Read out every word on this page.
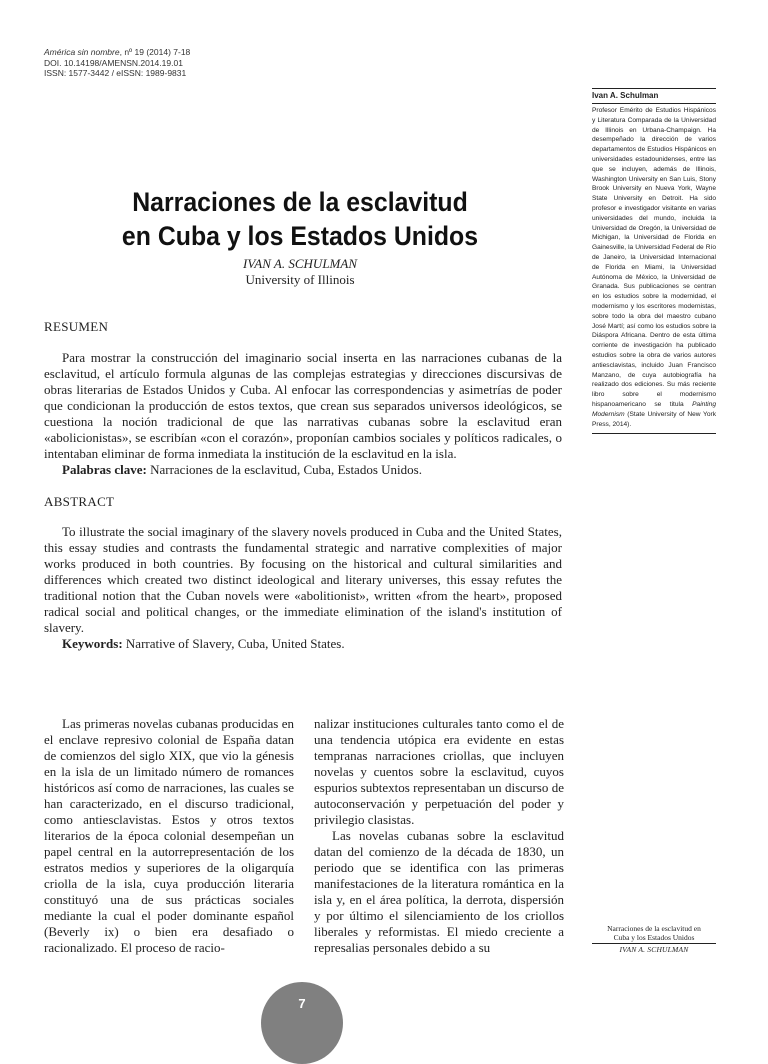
América sin nombre, nº 19 (2014) 7-18
DOI. 10.14198/AMENSN.2014.19.01
ISSN: 1577-3442 / eISSN: 1989-9831
Narraciones de la esclavitud
en Cuba y los Estados Unidos
IVAN A. SCHULMAN
University of Illinois
RESUMEN

Para mostrar la construcción del imaginario social inserta en las narraciones cubanas de la esclavitud, el artículo formula algunas de las complejas estrategias y direcciones discursivas de obras literarias de Estados Unidos y Cuba. Al enfocar las correspondencias y asimetrías de poder que condicionan la producción de estos textos, que crean sus separados universos ideológicos, se cuestiona la noción tradicional de que las narrativas cubanas sobre la esclavitud eran «abolicionistas», se escribían «con el corazón», proponían cambios sociales y políticos radicales, o intentaban eliminar de forma inmediata la institución de la esclavitud en la isla.

Palabras clave: Narraciones de la esclavitud, Cuba, Estados Unidos.

ABSTRACT

To illustrate the social imaginary of the slavery novels produced in Cuba and the United States, this essay studies and contrasts the fundamental strategic and narrative complexities of major works produced in both countries. By focusing on the historical and cultural similarities and differences which created two distinct ideological and literary universes, this essay refutes the traditional notion that the Cuban novels were «abolitionist», written «from the heart», proposed radical social and political changes, or the immediate elimination of the island's institution of slavery.

Keywords: Narrative of Slavery, Cuba, United States.

Las primeras novelas cubanas producidas en el enclave represivo colonial de España datan de comienzos del siglo XIX, que vio la génesis en la isla de un limitado número de romances históricos así como de narraciones, las cuales se han caracterizado, en el discurso tradicional, como antiesclavistas. Estos y otros textos literarios de la época colonial desempeñan un papel central en la autorrepresentación de los estratos medios y superiores de la oligarquía criolla de la isla, cuya producción literaria constituyó una de sus prácticas sociales mediante la cual el poder dominante español (Beverly ix) o bien era desafiado o racionalizado. El proceso de racio-

nalizar instituciones culturales tanto como el de una tendencia utópica era evidente en estas tempranas narraciones criollas, que incluyen novelas y cuentos sobre la esclavitud, cuyos espurios subtextos representaban un discurso de autoconservación y perpetuación del poder y privilegio clasistas.

Las novelas cubanas sobre la esclavitud datan del comienzo de la década de 1830, un periodo que se identifica con las primeras manifestaciones de la literatura romántica en la isla y, en el área política, la derrota, dispersión y por último el silenciamiento de los criollos liberales y reformistas. El miedo creciente a represalias personales debido a su

Ivan A. Schulman
Profesor Emérito de Estudios Hispánicos y Literatura Comparada de la Universidad de Illinois en Urbana-Champaign. Ha desempeñado la dirección de varios departamentos de Estudios Hispánicos en universidades estadounidenses, entre las que se incluyen, además de Illinois, Washington University en San Luis, Stony Brook University en Nueva York, Wayne State University en Detroit. Ha sido profesor e investigador visitante en varias universidades del mundo, incluida la Universidad de Oregón, la Universidad de Michigan, la Universidad de Florida en Gainesville, la Universidad Federal de Río de Janeiro, la Universidad Internacional de Florida en Miami, la Universidad Autónoma de México, la Universidad de Granada. Sus publicaciones se centran en los estudios sobre la modernidad, el modernismo y los escritores modernistas, sobre todo la obra del maestro cubano José Martí; así como los estudios sobre la Diáspora Africana. Dentro de esta última corriente de investigación ha publicado estudios sobre la obra de varios autores antiesclavistas, incluido Juan Francisco Manzano, de cuya autobiografía ha realizado dos ediciones. Su más reciente libro sobre el modernismo hispanoamericano se titula Painting Modernism (State University of New York Press, 2014).
Narraciones de la esclavitud en
Cuba y los Estados Unidos
IVAN A. SCHULMAN
7
